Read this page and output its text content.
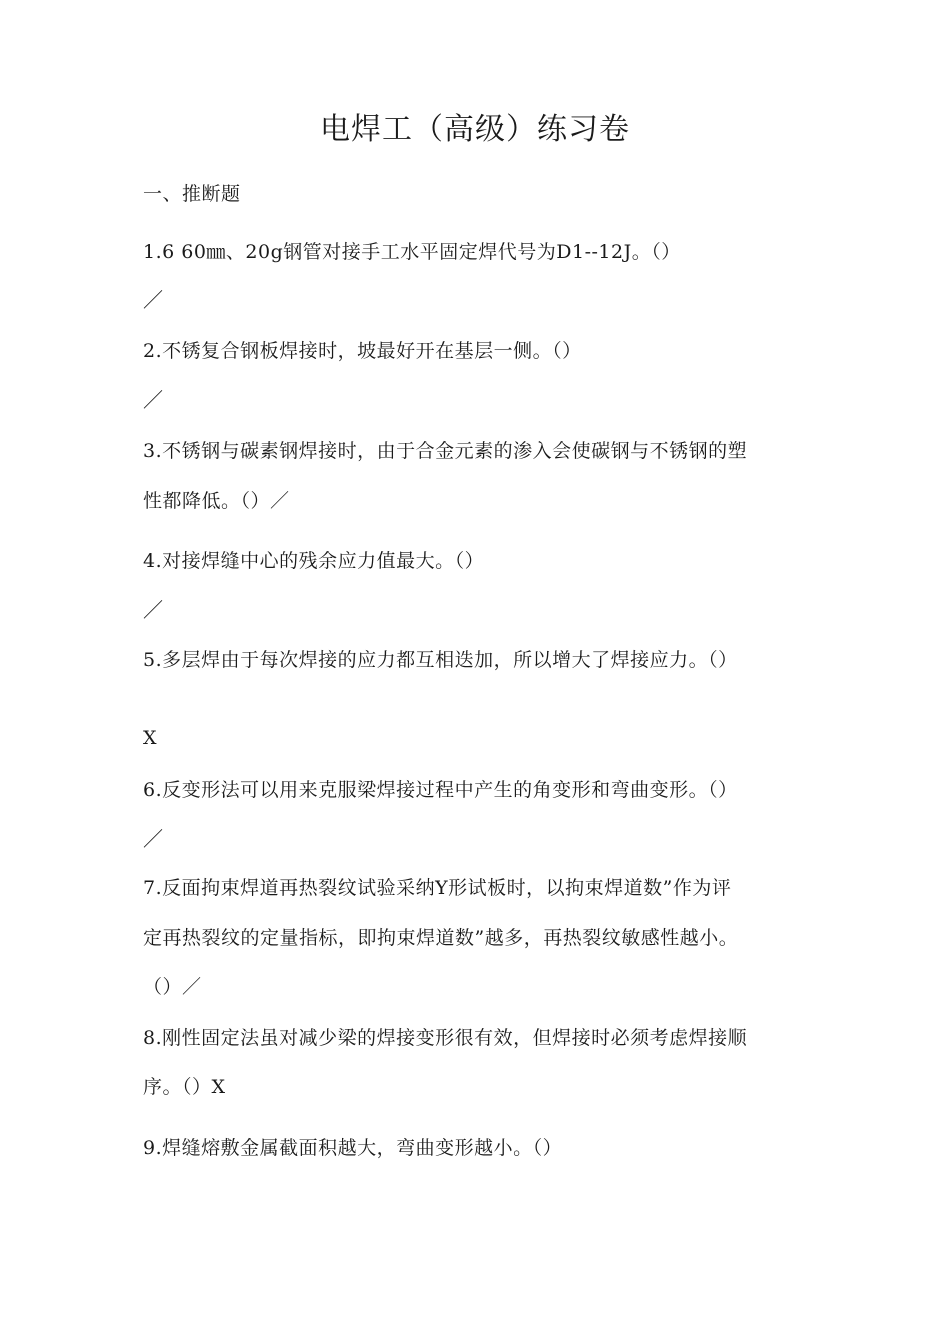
电焊工（高级）练习卷
一、推断题
1.6 60㎜、20g钢管对接手工水平固定焊代号为D1--12J。（）
／
2.不锈复合钢板焊接时，坡最好开在基层一侧。（）
／
3.不锈钢与碳素钢焊接时，由于合金元素的渗入会使碳钢与不锈钢的塑
性都降低。（）／
4.对接焊缝中心的残余应力值最大。（）
／
5.多层焊由于每次焊接的应力都互相迭加，所以增大了焊接应力。（）
X
6.反变形法可以用来克服梁焊接过程中产生的角变形和弯曲变形。（）
／
7.反面拘束焊道再热裂纹试验采纳Y形试板时，以拘束焊道数”作为评
定再热裂纹的定量指标，即拘束焊道数”越多，再热裂纹敏感性越小。
（）／
8.刚性固定法虽对减少梁的焊接变形很有效，但焊接时必须考虑焊接顺
序。（）X
9.焊缝熔敷金属截面积越大，弯曲变形越小。（）
